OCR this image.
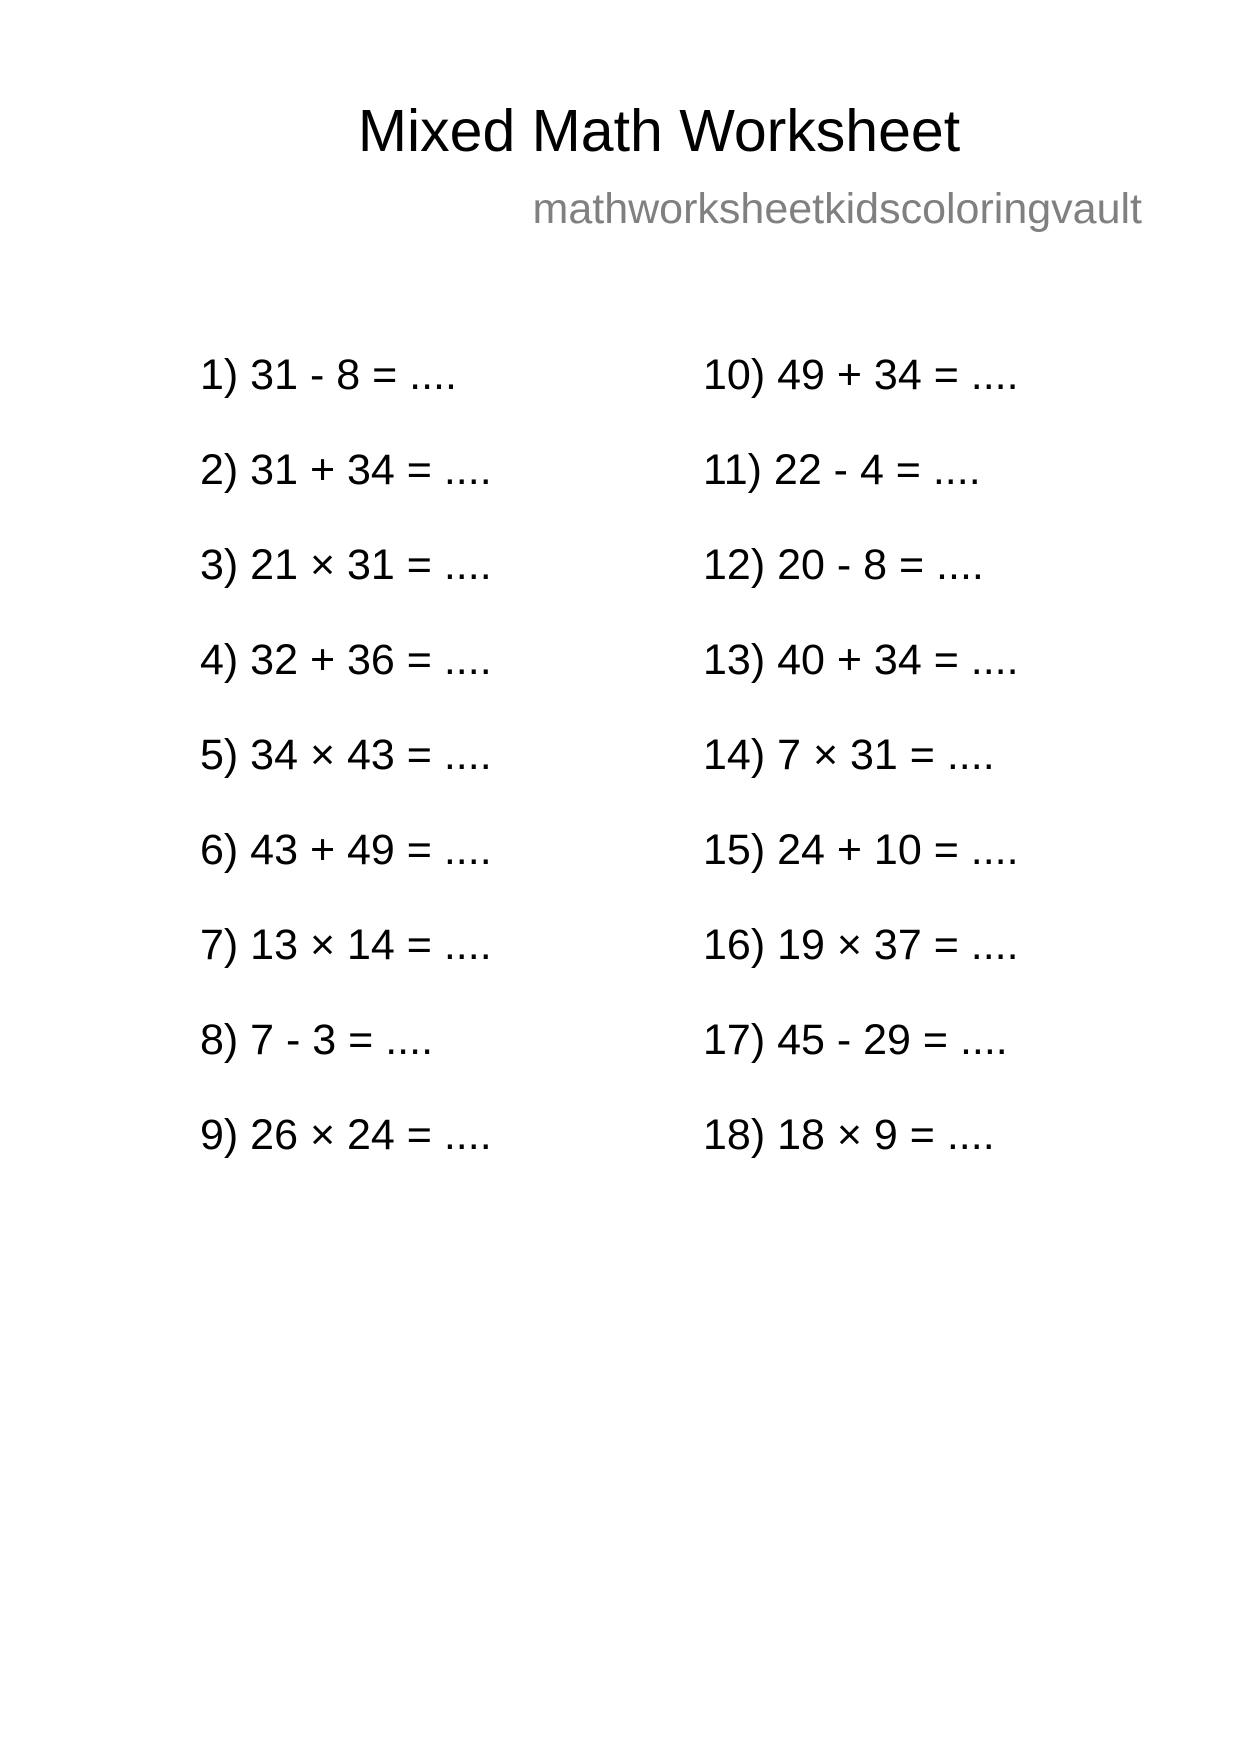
Mixed Math Worksheet
mathworksheetkidscoloringvault
1) 31 - 8 = ....
2) 31 + 34 = ....
3) 21 × 31 = ....
4) 32 + 36 = ....
5) 34 × 43 = ....
6) 43 + 49 = ....
7) 13 × 14 = ....
8) 7 - 3 = ....
9) 26 × 24 = ....
10) 49 + 34 = ....
11) 22 - 4 = ....
12) 20 - 8 = ....
13) 40 + 34 = ....
14) 7 × 31 = ....
15) 24 + 10 = ....
16) 19 × 37 = ....
17) 45 - 29 = ....
18) 18 × 9 = ....
